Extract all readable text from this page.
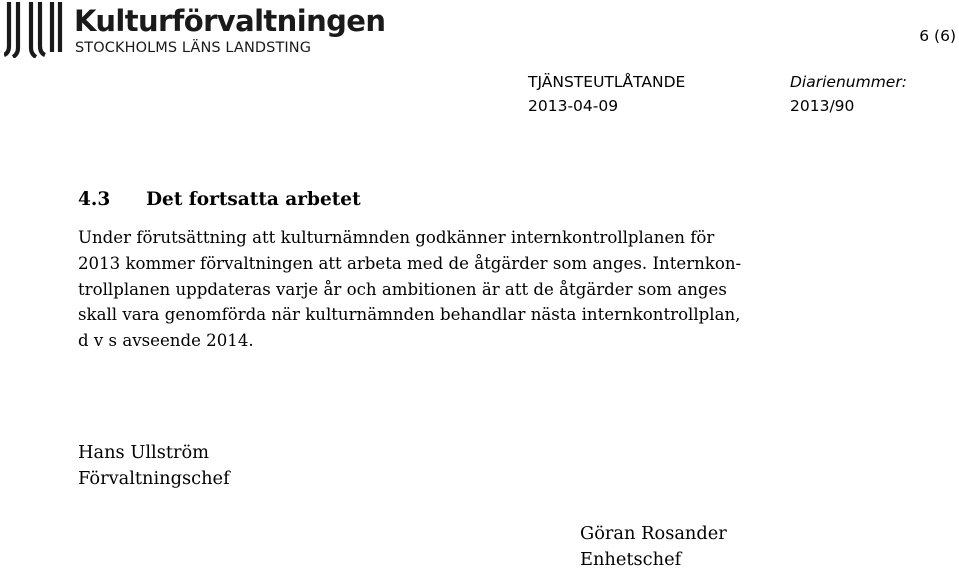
Kulturförvaltningen
STOCKHOLMS LÄNS LANDSTING
6 (6)
TJÄNSTEUTLÅTANDE
2013-04-09
Diarienummer:
2013/90
4.3 Det fortsatta arbetet
Under förutsättning att kulturnämnden godkänner internkontrollplanen för
2013 kommer förvaltningen att arbeta med de åtgärder som anges. Internkon-
trollplanen uppdateras varje år och ambitionen är att de åtgärder som anges
skall vara genomförda när kulturnämnden behandlar nästa internkontrollplan,
d v s avseende 2014.
Hans Ullström
Förvaltningschef
Göran Rosander
Enhetschef
